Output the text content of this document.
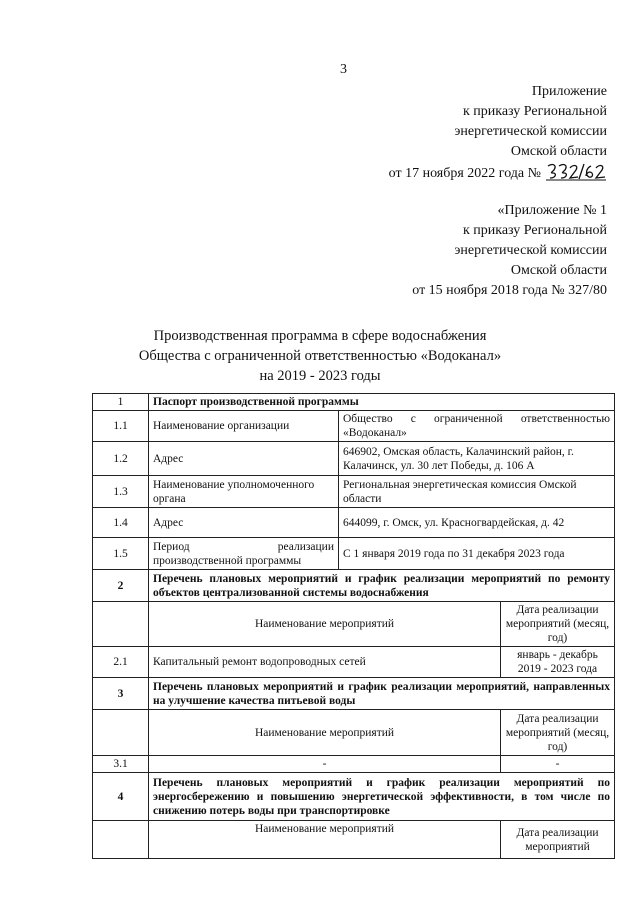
3
Приложение
к приказу Региональной
энергетической комиссии
Омской области
от 17 ноября 2022 года №
«Приложение № 1
к приказу Региональной
энергетической комиссии
Омской области
от 15 ноября 2018 года № 327/80
Производственная программа в сфере водоснабжения
Общества с ограниченной ответственностью «Водоканал»
на 2019 - 2023 годы
1	Паспорт производственной программы		
1.1	Наименование организации	Общество с ограниченной ответственностью «Водоканал»	
1.2	Адрес	646902, Омская область, Калачинский район, г. Калачинск, ул. 30 лет Победы, д. 106 А	
1.3	Наименование уполномоченного органа	Региональная энергетическая комиссия Омской области	
1.4	Адрес	644099, г. Омск, ул. Красногвардейская, д. 42	
1.5	Период реализации производственной программы	С 1 января 2019 года по 31 декабря 2023 года	
2	Перечень плановых мероприятий и график реализации мероприятий по ремонту объектов централизованной системы водоснабжения		
	Наименование мероприятий		Дата реализации мероприятий (месяц, год)
2.1	Капитальный ремонт водопроводных сетей		январь - декабрь 2019 - 2023 года
3	Перечень плановых мероприятий и график реализации мероприятий, направленных на улучшение качества питьевой воды		
	Наименование мероприятий		Дата реализации мероприятий (месяц, год)
3.1	-		-
4	Перечень плановых мероприятий и график реализации мероприятий по энергосбережению и повышению энергетической эффективности, в том числе по снижению потерь воды при транспортировке		
	Наименование мероприятий		Дата реализации мероприятий
